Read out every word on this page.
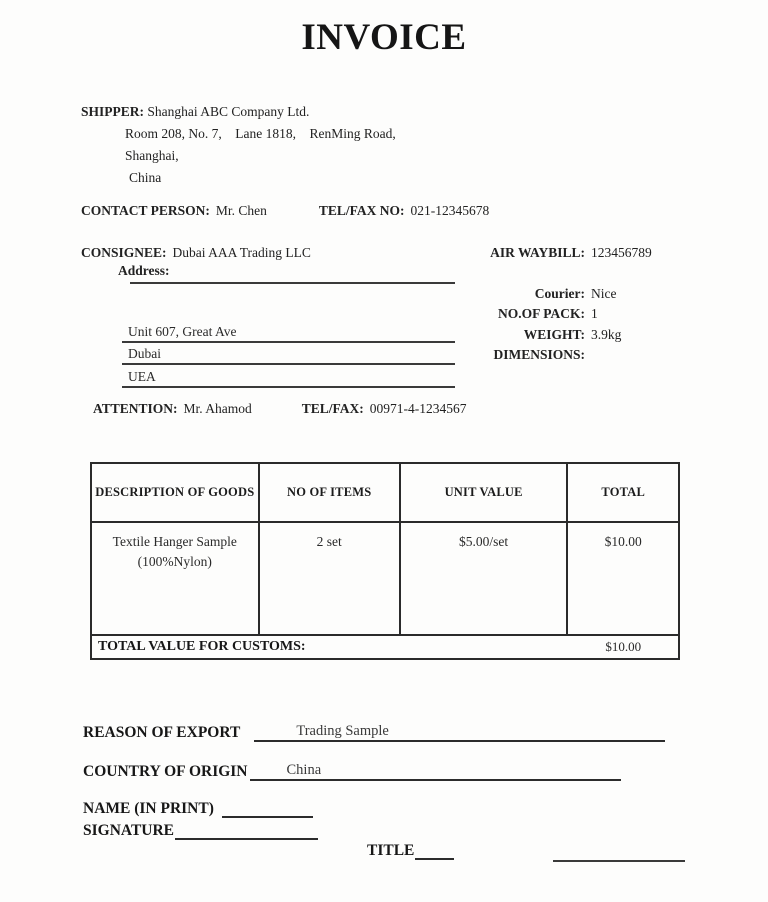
INVOICE
SHIPPER: Shanghai ABC Company Ltd.
Room 208, No. 7,    Lane 1818,    RenMing Road,
Shanghai,
China
CONTACT PERSON: Mr. Chen	TEL/FAX NO: 021-12345678
CONSIGNEE: Dubai AAA Trading LLC
Address:
Unit 607, Great Ave
Dubai
UEA
ATTENTION: Mr. Ahamod	TEL/FAX: 00971-4-1234567
AIR WAYBILL: 123456789
Courier: Nice
NO.OF PACK: 1
WEIGHT: 3.9kg
DIMENSIONS:
DESCRIPTION OF GOODS	NO OF ITEMS	UNIT VALUE	TOTAL
Textile Hanger Sample
(100%Nylon)
2 set	$5.00/set	$10.00
TOTAL VALUE FOR CUSTOMS:	$10.00
REASON OF EXPORT	Trading Sample
COUNTRY OF ORIGIN	China
NAME (IN PRINT)
SIGNATURE
TITLE
